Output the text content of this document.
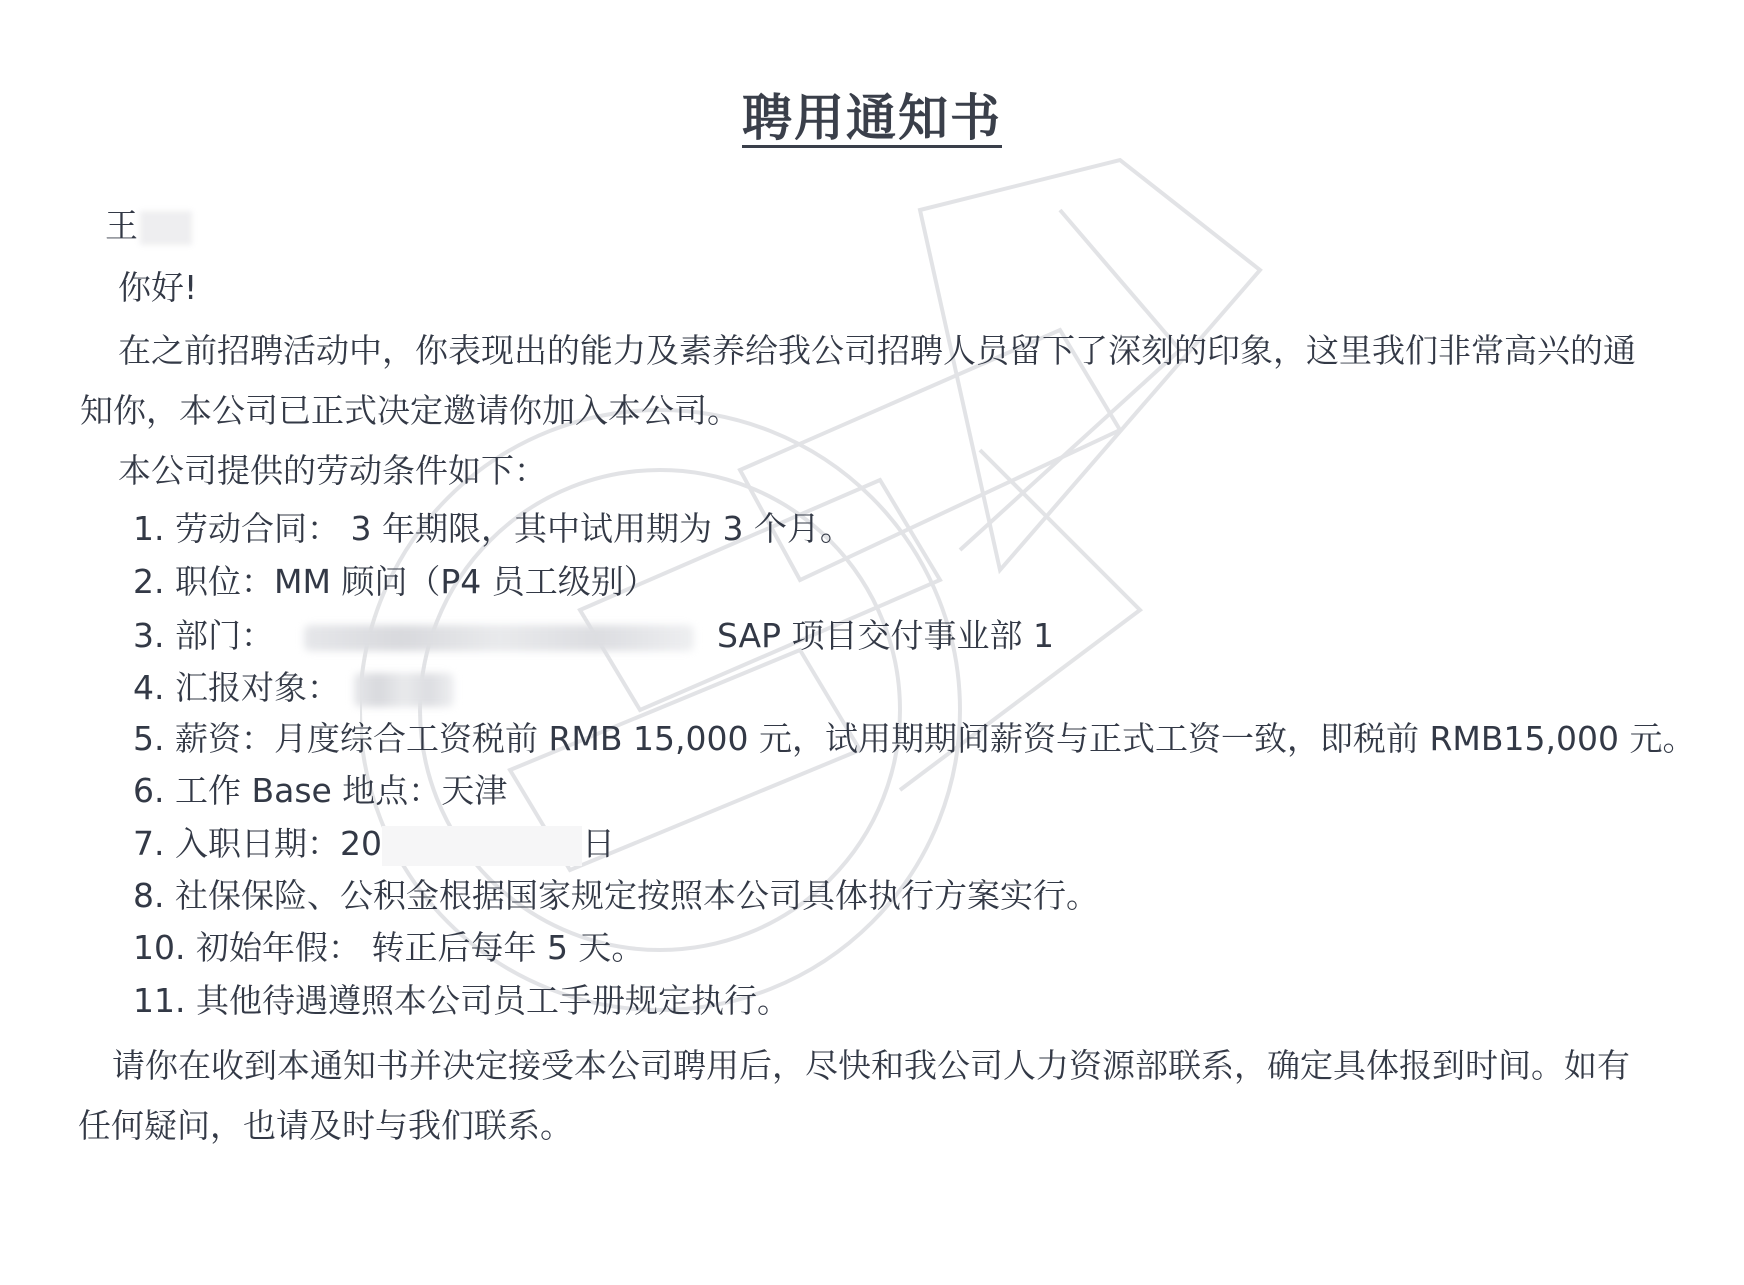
聘用通知书
王
你好!
在之前招聘活动中，你表现出的能力及素养给我公司招聘人员留下了深刻的印象，这里我们非常高兴的通
知你，本公司已正式决定邀请你加入本公司。
本公司提供的劳动条件如下：
1. 劳动合同： 3 年期限，其中试用期为 3 个月。
2. 职位：MM 顾问（P4 员工级别）
3. 部门：	SAP 项目交付事业部 1
4. 汇报对象：
5. 薪资：月度综合工资税前 RMB 15,000 元，试用期期间薪资与正式工资一致，即税前 RMB15,000 元。
6. 工作 Base 地点：天津
7. 入职日期：20	日
8. 社保保险、公积金根据国家规定按照本公司具体执行方案实行。
10. 初始年假： 转正后每年 5 天。
11. 其他待遇遵照本公司员工手册规定执行。
请你在收到本通知书并决定接受本公司聘用后，尽快和我公司人力资源部联系，确定具体报到时间。如有
任何疑问，也请及时与我们联系。
